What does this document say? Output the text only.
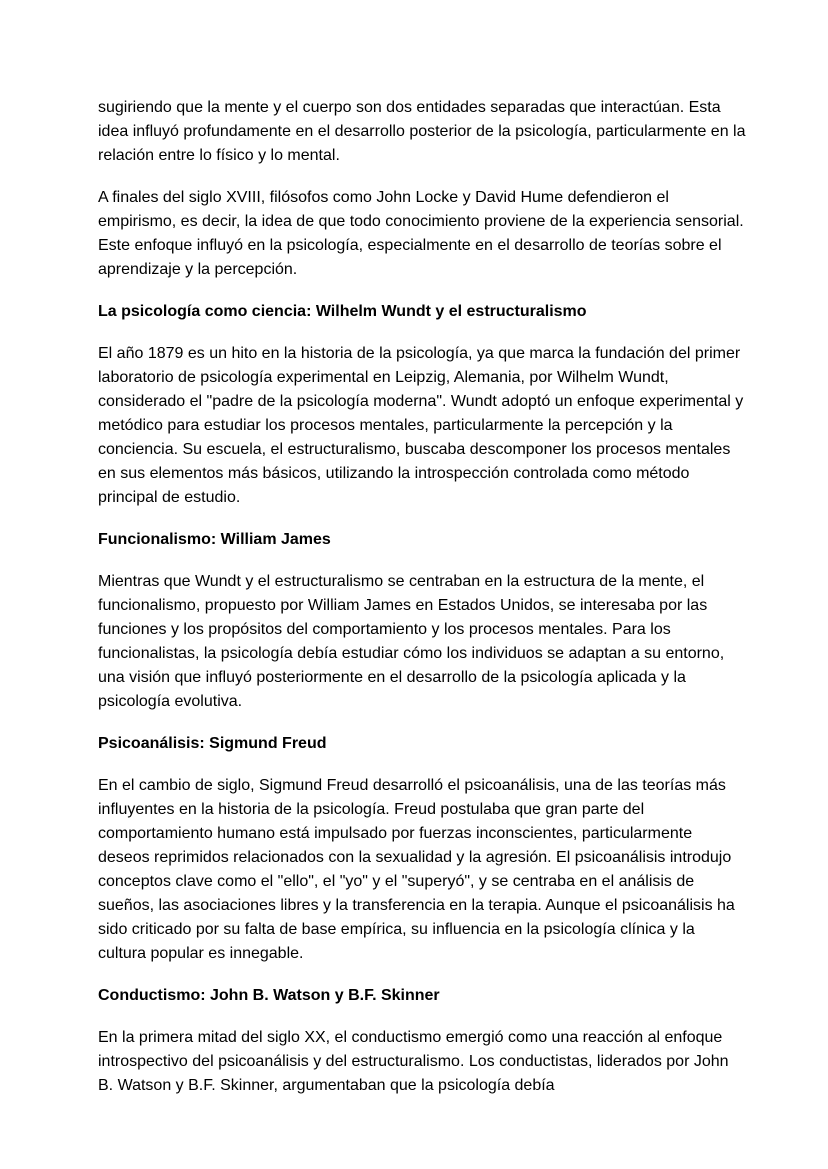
sugiriendo que la mente y el cuerpo son dos entidades separadas que interactúan. Esta idea influyó profundamente en el desarrollo posterior de la psicología, particularmente en la relación entre lo físico y lo mental.

A finales del siglo XVIII, filósofos como John Locke y David Hume defendieron el empirismo, es decir, la idea de que todo conocimiento proviene de la experiencia sensorial. Este enfoque influyó en la psicología, especialmente en el desarrollo de teorías sobre el aprendizaje y la percepción.

La psicología como ciencia: Wilhelm Wundt y el estructuralismo

El año 1879 es un hito en la historia de la psicología, ya que marca la fundación del primer laboratorio de psicología experimental en Leipzig, Alemania, por Wilhelm Wundt, considerado el "padre de la psicología moderna". Wundt adoptó un enfoque experimental y metódico para estudiar los procesos mentales, particularmente la percepción y la conciencia. Su escuela, el estructuralismo, buscaba descomponer los procesos mentales en sus elementos más básicos, utilizando la introspección controlada como método principal de estudio.

Funcionalismo: William James

Mientras que Wundt y el estructuralismo se centraban en la estructura de la mente, el funcionalismo, propuesto por William James en Estados Unidos, se interesaba por las funciones y los propósitos del comportamiento y los procesos mentales. Para los funcionalistas, la psicología debía estudiar cómo los individuos se adaptan a su entorno, una visión que influyó posteriormente en el desarrollo de la psicología aplicada y la psicología evolutiva.

Psicoanálisis: Sigmund Freud

En el cambio de siglo, Sigmund Freud desarrolló el psicoanálisis, una de las teorías más influyentes en la historia de la psicología. Freud postulaba que gran parte del comportamiento humano está impulsado por fuerzas inconscientes, particularmente deseos reprimidos relacionados con la sexualidad y la agresión. El psicoanálisis introdujo conceptos clave como el "ello", el "yo" y el "superyó", y se centraba en el análisis de sueños, las asociaciones libres y la transferencia en la terapia. Aunque el psicoanálisis ha sido criticado por su falta de base empírica, su influencia en la psicología clínica y la cultura popular es innegable.

Conductismo: John B. Watson y B.F. Skinner

En la primera mitad del siglo XX, el conductismo emergió como una reacción al enfoque introspectivo del psicoanálisis y del estructuralismo. Los conductistas, liderados por John B. Watson y B.F. Skinner, argumentaban que la psicología debía
